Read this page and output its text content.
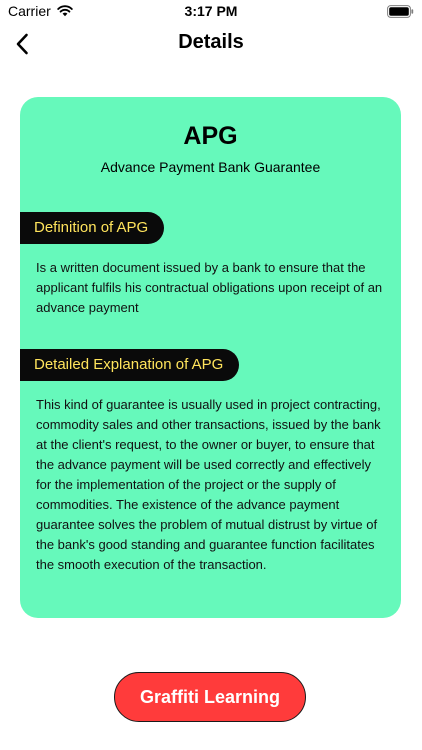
Carrier	3:17 PM
Details
APG
Advance Payment Bank Guarantee
Definition of APG
Is a written document issued by a bank to ensure that the applicant fulfils his contractual obligations upon receipt of an advance payment
Detailed Explanation of APG
This kind of guarantee is usually used in project contracting, commodity sales and other transactions, issued by the bank at the client's request, to the owner or buyer, to ensure that the advance payment will be used correctly and effectively for the implementation of the project or the supply of commodities. The existence of the advance payment guarantee solves the problem of mutual distrust by virtue of the bank's good standing and guarantee function facilitates the smooth execution of the transaction.
Graffiti Learning
